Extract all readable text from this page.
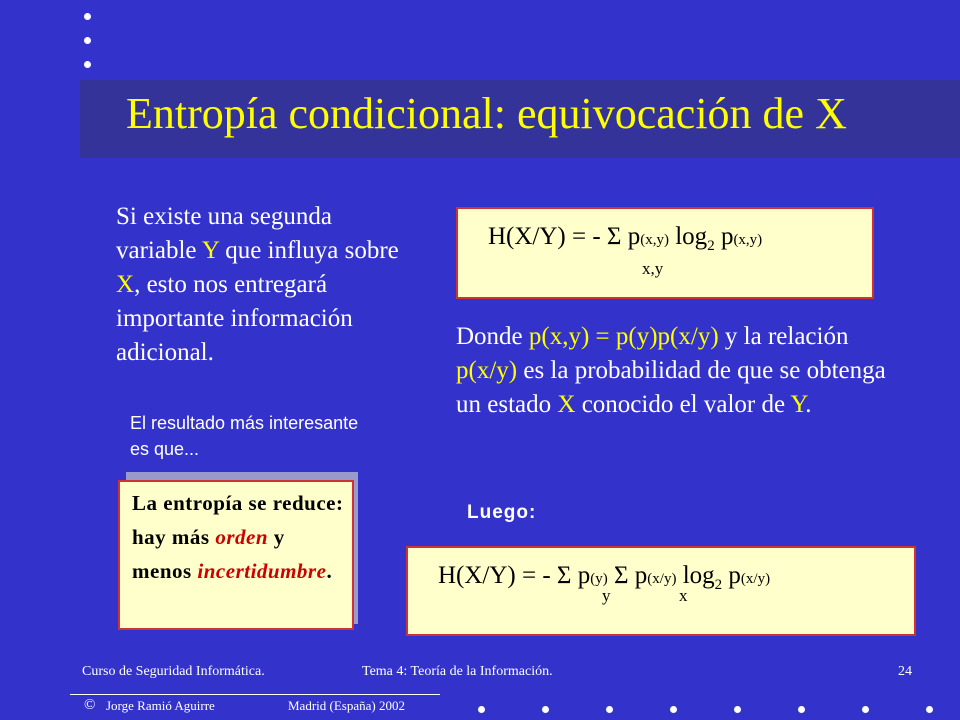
Entropía condicional: equivocación de X
Si existe una segunda variable Y que influya sobre X, esto nos entregará importante información adicional.
El resultado más interesante es que...
La entropía se reduce: hay más orden y menos incertidumbre.
H(X/Y) = - Σ p(x,y) $\log_2 p(x,y)$
x,y
Donde p(x,y) = p(y)p(x/y) y la relación p(x/y) es la probabilidad de que se obtenga un estado X conocido el valor de Y.
Luego:
H(X/Y) = - Σ p(y) Σ p(x/y) $\log_2 p(x/y)$
y	x
Curso de Seguridad Informática.	Tema 4: Teoría de la Información.	24
© Jorge Ramió Aguirre	Madrid (España) 2002
